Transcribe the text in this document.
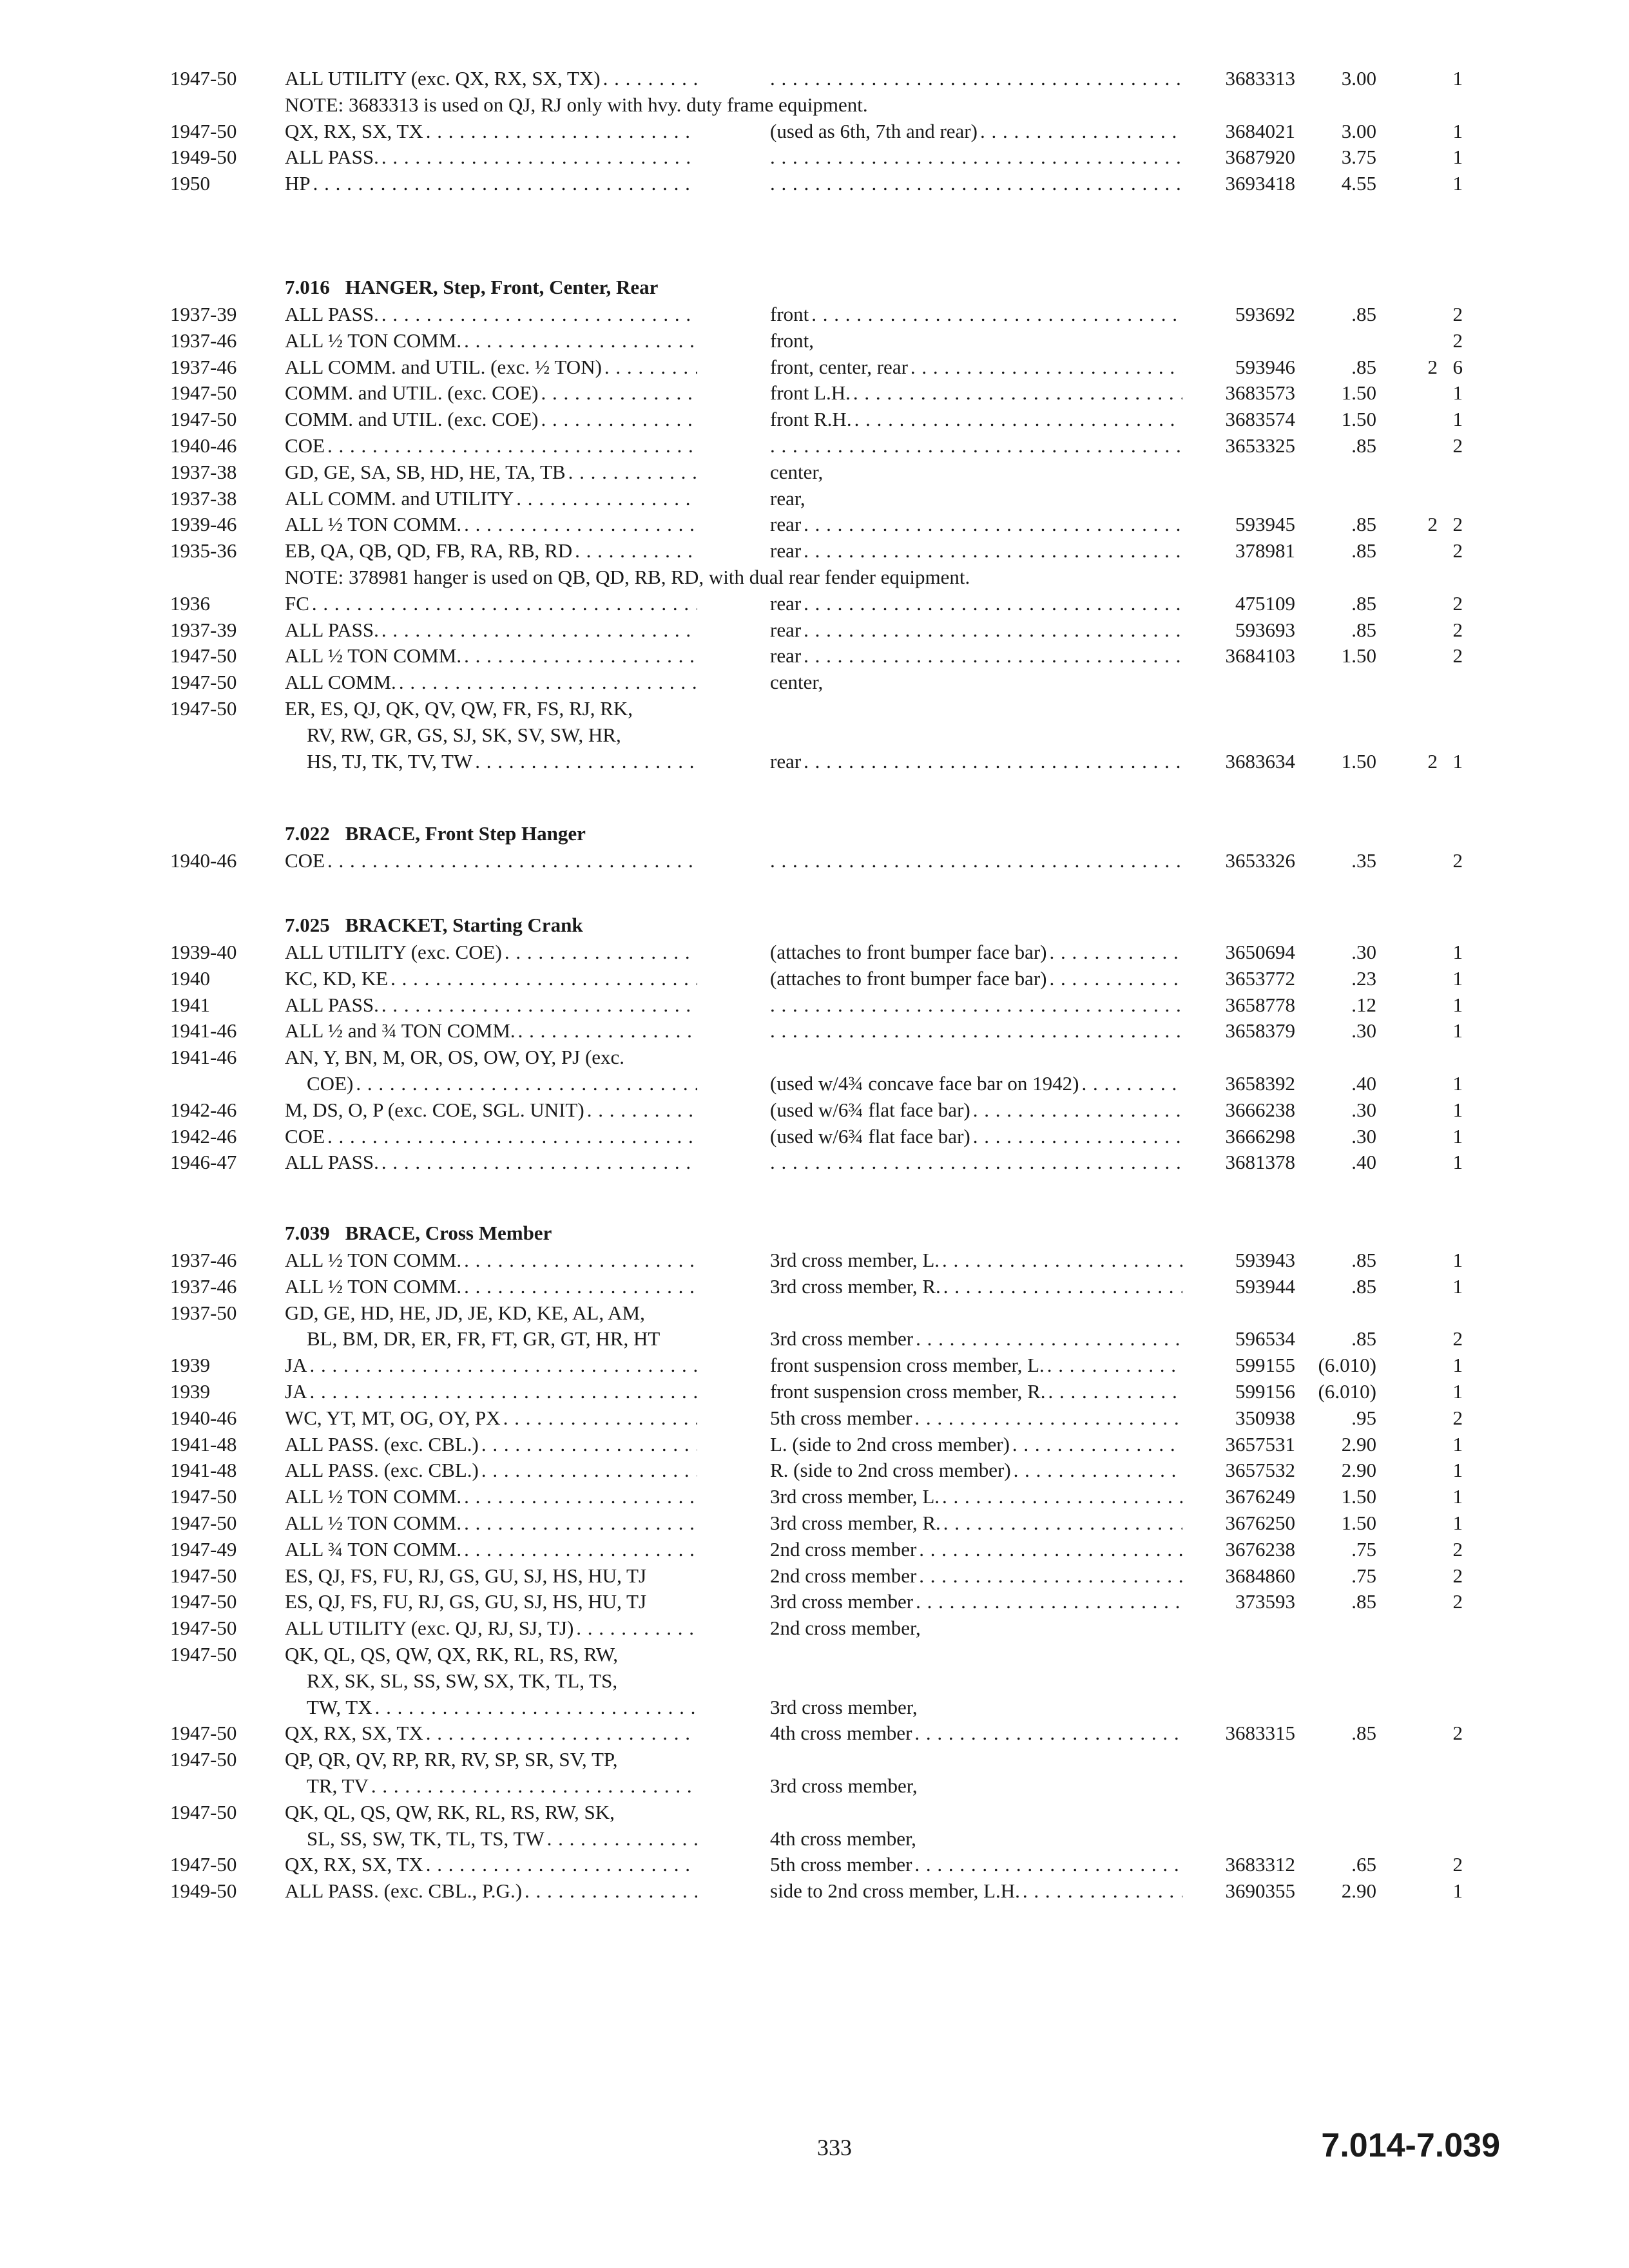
1947-50 ALL UTILITY (exc. QX, RX, SX, TX) . . . . . .	3683313 3.00	1
NOTE: 3683313 is used on QJ, RJ only with hvy. duty frame equipment.
1947-50 QX, RX, SX, TX . . .	(used as 6th, 7th and rear) . . .	3684021 3.00	1
1949-50 ALL PASS. . . . . . .	3687920 3.75	1
1950	HP . . . . . .	3693418 4.55	1
7.016 HANGER, Step, Front, Center, Rear
1937-39 ALL PASS. . . .	front . . .	593692	.85	2
1937-46 ALL ½ TON COMM. . . .	front,	2
1937-46 ALL COMM. and UTIL. (exc. ½ TON) . . .	front, center, rear . . .	593946	.85	2 6
1947-50 COMM. and UTIL. (exc. COE) . . .	front L.H. . . .	3683573 1.50	1
1947-50 COMM. and UTIL. (exc. COE) . . .	front R.H. . . .	3683574 1.50	1
1940-46 COE . . . . . .	3653325	.85	2
1937-38 GD, GE, SA, SB, HD, HE, TA, TB . . .	center,
1937-38 ALL COMM. and UTILITY . . .	rear,
1939-46 ALL ½ TON COMM. . . .	rear . . .	593945	.85	2 2
1935-36 EB, QA, QB, QD, FB, RA, RB, RD . . .	rear . . .	378981	.85	2
NOTE: 378981 hanger is used on QB, QD, RB, RD, with dual rear fender equipment.
1936	FC . . .	rear . . .	475109	.85	2
1937-39 ALL PASS. . . .	rear . . .	593693	.85	2
1947-50 ALL ½ TON COMM. . . .	rear . . .	3684103 1.50	2
1947-50 ALL COMM. . . .	center,
1947-50 ER, ES, QJ, QK, QV, QW, FR, FS, RJ, RK,
RV, RW, GR, GS, SJ, SK, SV, SW, HR,
HS, TJ, TK, TV, TW . . .	rear . . .	3683634 1.50	2 1
7.022 BRACE, Front Step Hanger
1940-46 COE . . . . . .	3653326	.35	2
7.025 BRACKET, Starting Crank
1939-40 ALL UTILITY (exc. COE) . . .	(attaches to front bumper face bar) . . .	3650694	.30	1
1940	KC, KD, KE . . .	(attaches to front bumper face bar) . . .	3653772	.23	1
1941	ALL PASS. . . . . . .	3658778	.12	1
1941-46 ALL ½ and ¾ TON COMM. . . . . . .	3658379	.30	1
1941-46 AN, Y, BN, M, OR, OS, OW, OY, PJ (exc.
COE) . . .	(used w/4¾ concave face bar on 1942) . . .	3658392	.40	1
1942-46 M, DS, O, P (exc. COE, SGL. UNIT) . . .	(used w/6¾ flat face bar) . . .	3666238	.30	1
1942-46 COE . . .	(used w/6¾ flat face bar) . . .	3666298	.30	1
1946-47 ALL PASS. . . . . . .	3681378	.40	1
7.039 BRACE, Cross Member
1937-46 ALL ½ TON COMM. . . .	3rd cross member, L. . . .	593943	.85	1
1937-46 ALL ½ TON COMM. . . .	3rd cross member, R. . . .	593944	.85	1
1937-50 GD, GE, HD, HE, JD, JE, KD, KE, AL, AM,
BL, BM, DR, ER, FR, FT, GR, GT, HR, HT	3rd cross member . . .	596534	.85	2
1939	JA . . .	front suspension cross member, L. . . .	599155 (6.010)	1
1939	JA . . .	front suspension cross member, R. . . .	599156 (6.010)	1
1940-46 WC, YT, MT, OG, OY, PX . . .	5th cross member . . .	350938	.95	2
1941-48 ALL PASS. (exc. CBL.) . . .	L. (side to 2nd cross member) . . .	3657531 2.90	1
1941-48 ALL PASS. (exc. CBL.) . . .	R. (side to 2nd cross member) . . .	3657532 2.90	1
1947-50 ALL ½ TON COMM. . . .	3rd cross member, L. . . .	3676249 1.50	1
1947-50 ALL ½ TON COMM. . . .	3rd cross member, R. . . .	3676250 1.50	1
1947-49 ALL ¾ TON COMM. . . .	2nd cross member . . .	3676238	.75	2
1947-50 ES, QJ, FS, FU, RJ, GS, GU, SJ, HS, HU, TJ	2nd cross member . . .	3684860	.75	2
1947-50 ES, QJ, FS, FU, RJ, GS, GU, SJ, HS, HU, TJ	3rd cross member . . .	373593	.85	2
1947-50 ALL UTILITY (exc. QJ, RJ, SJ, TJ) . . .	2nd cross member,
1947-50 QK, QL, QS, QW, QX, RK, RL, RS, RW,
RX, SK, SL, SS, SW, SX, TK, TL, TS,
TW, TX . . .	3rd cross member,
1947-50 QX, RX, SX, TX . . .	4th cross member . . .	3683315	.85	2
1947-50 QP, QR, QV, RP, RR, RV, SP, SR, SV, TP,
TR, TV . . .	3rd cross member,
1947-50 QK, QL, QS, QW, RK, RL, RS, RW, SK,
SL, SS, SW, TK, TL, TS, TW . . .	4th cross member,
1947-50 QX, RX, SX, TX . . .	5th cross member . . .	3683312	.65	2
1949-50 ALL PASS. (exc. CBL., P.G.) . . .	side to 2nd cross member, L.H. . . .	3690355 2.90	1
333	7.014-7.039
